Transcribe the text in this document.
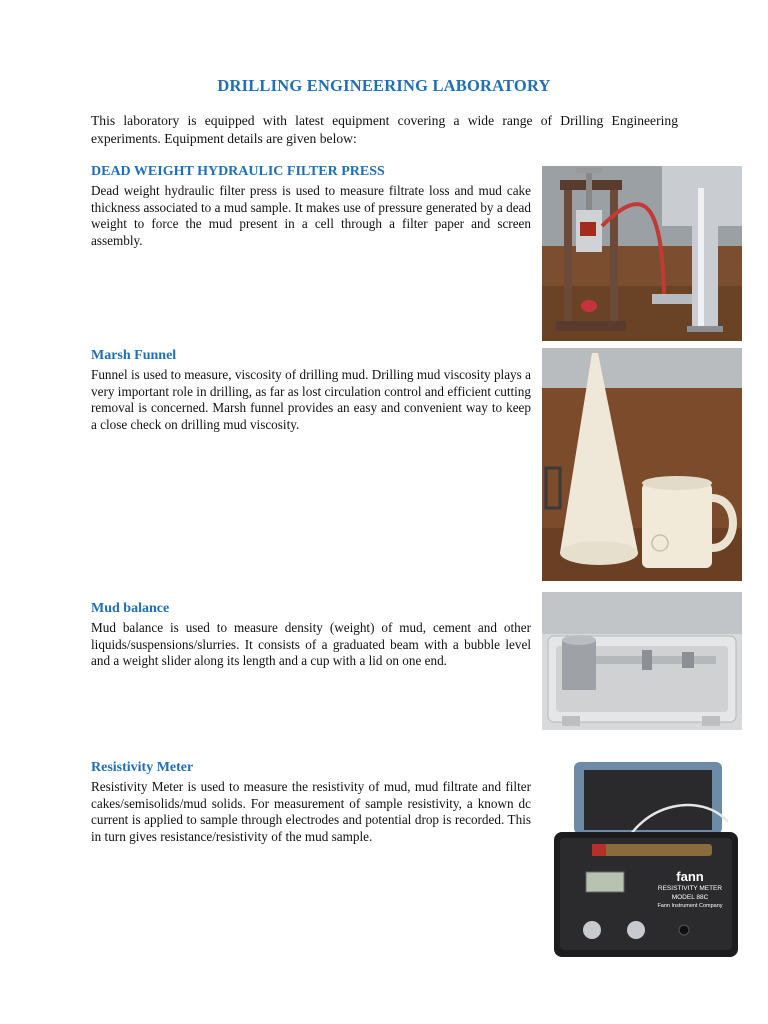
DRILLING ENGINEERING LABORATORY
This laboratory is equipped with latest equipment covering a wide range of Drilling Engineering experiments. Equipment details are given below:
DEAD WEIGHT HYDRAULIC FILTER PRESS

Dead weight hydraulic filter press is used to measure filtrate loss and mud cake thickness associated to a mud sample. It makes use of pressure generated by a dead weight to force the mud present in a cell through a filter paper and screen assembly.

Marsh Funnel

Funnel is used to measure, viscosity of drilling mud. Drilling mud viscosity plays a very important role in drilling, as far as lost circulation control and efficient cutting removal is concerned. Marsh funnel provides an easy and convenient way to keep a close check on drilling mud viscosity.

Mud balance

Mud balance is used to measure density (weight) of mud, cement and other liquids/suspensions/slurries. It consists of a graduated beam with a bubble level and a weight slider along its length and a cup with a lid on one end.

Resistivity Meter

Resistivity Meter is used to measure the resistivity of mud, mud filtrate and filter cakes/semisolids/mud solids. For measurement of sample resistivity, a known dc current is applied to sample through electrodes and potential drop is recorded. This in turn gives resistance/resistivity of the mud sample.

fann
RESISTIVITY METER
MODEL 88C
Fann Instrument Company
